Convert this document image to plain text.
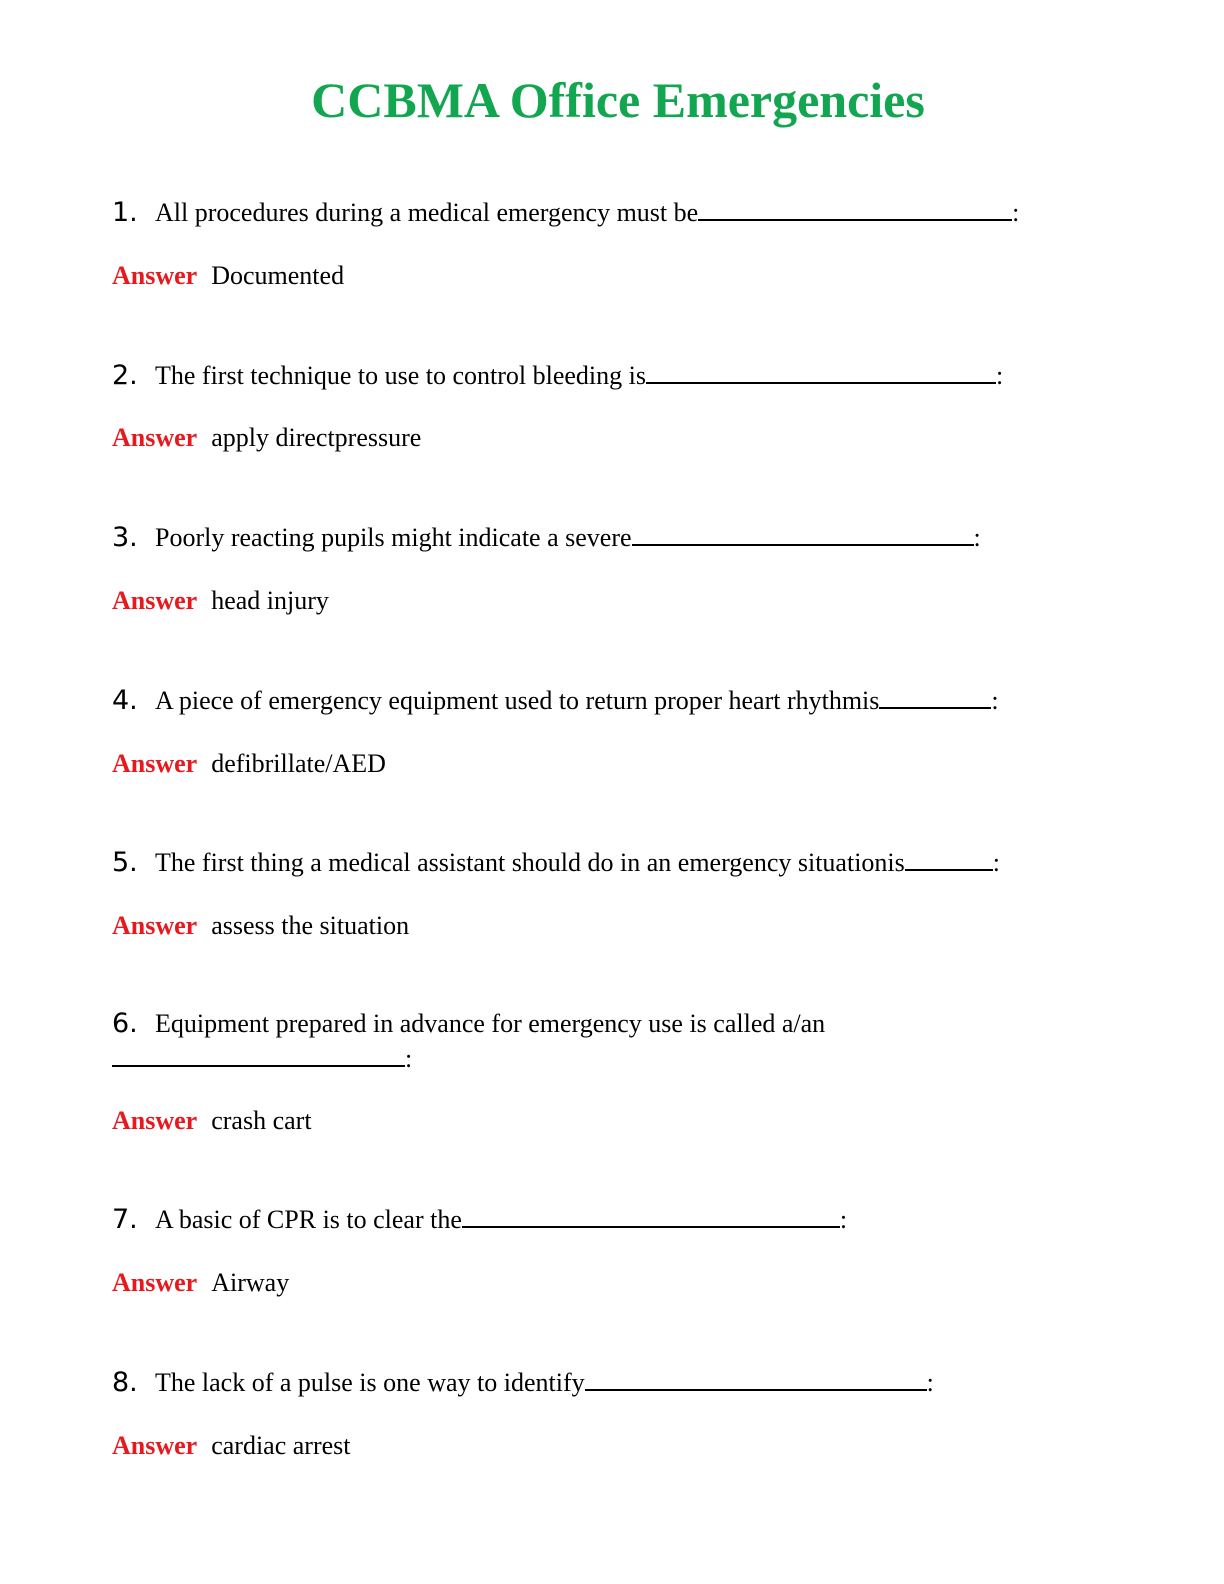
CCBMA Office Emergencies
1. All procedures during a medical emergency must be	:
Answer Documented
2. The first technique to use to control bleeding is	:
Answer apply directpressure
3. Poorly reacting pupils might indicate a severe	:
Answer head injury
4. A piece of emergency equipment used to return proper heart rhythmis	:
Answer defibrillate/AED
5. The first thing a medical assistant should do in an emergency situationis	:
Answer assess the situation
6. Equipment prepared in advance for emergency use is called a/an
:
Answer crash cart
7. A basic of CPR is to clear the	:
Answer Airway
8. The lack of a pulse is one way to identify	:
Answer cardiac arrest
